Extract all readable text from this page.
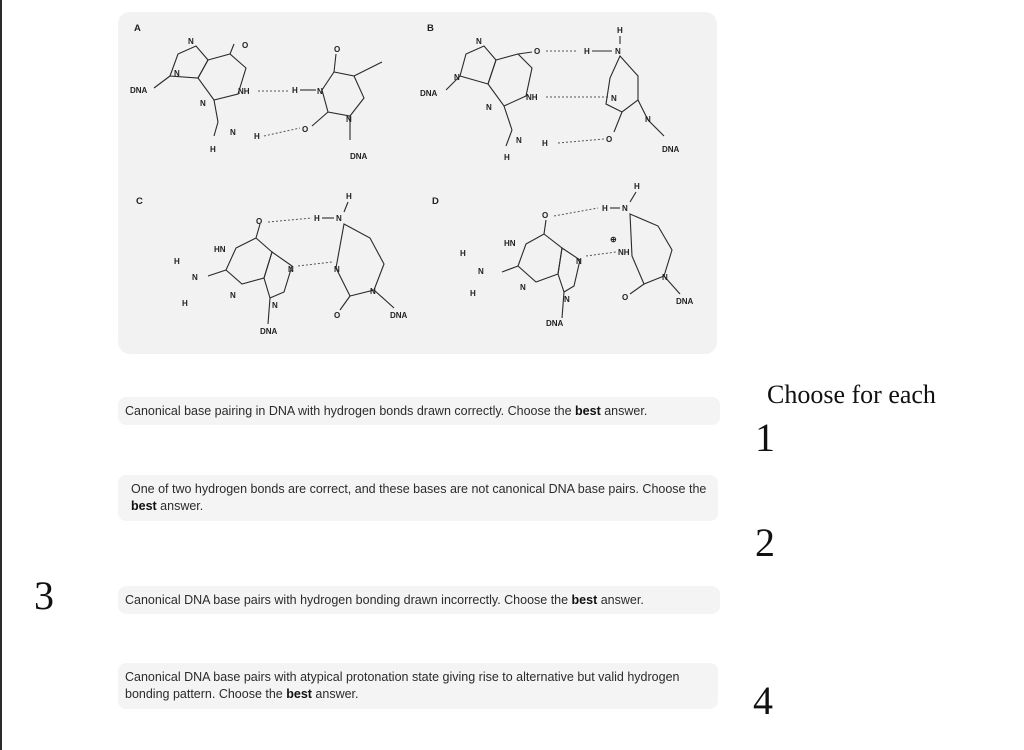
A
N
N
N
O
NH
N
H
H
DNA	H N
O
O
N
DNA
B
N
N
N
O
NH
N
H
H
DNA
H	N
H
N
O
N
DNA
C
HN
O
N
N
N
N
H
H
DNA
H N
H
N
O
N
DNA
D
HN
O
N
N
N
N
H
H
DNA
H N
H
⊕
NH
N
O	DNA
Canonical base pairing in DNA with hydrogen bonds drawn correctly. Choose the best answer.
One of two hydrogen bonds are correct, and these bases are not canonical DNA base pairs. Choose the best answer.
Canonical DNA base pairs with hydrogen bonding drawn incorrectly. Choose the best answer.
Canonical DNA base pairs with atypical protonation state giving rise to alternative but valid hydrogen bonding pattern. Choose the best answer.
Choose for each
1
2
3
4
